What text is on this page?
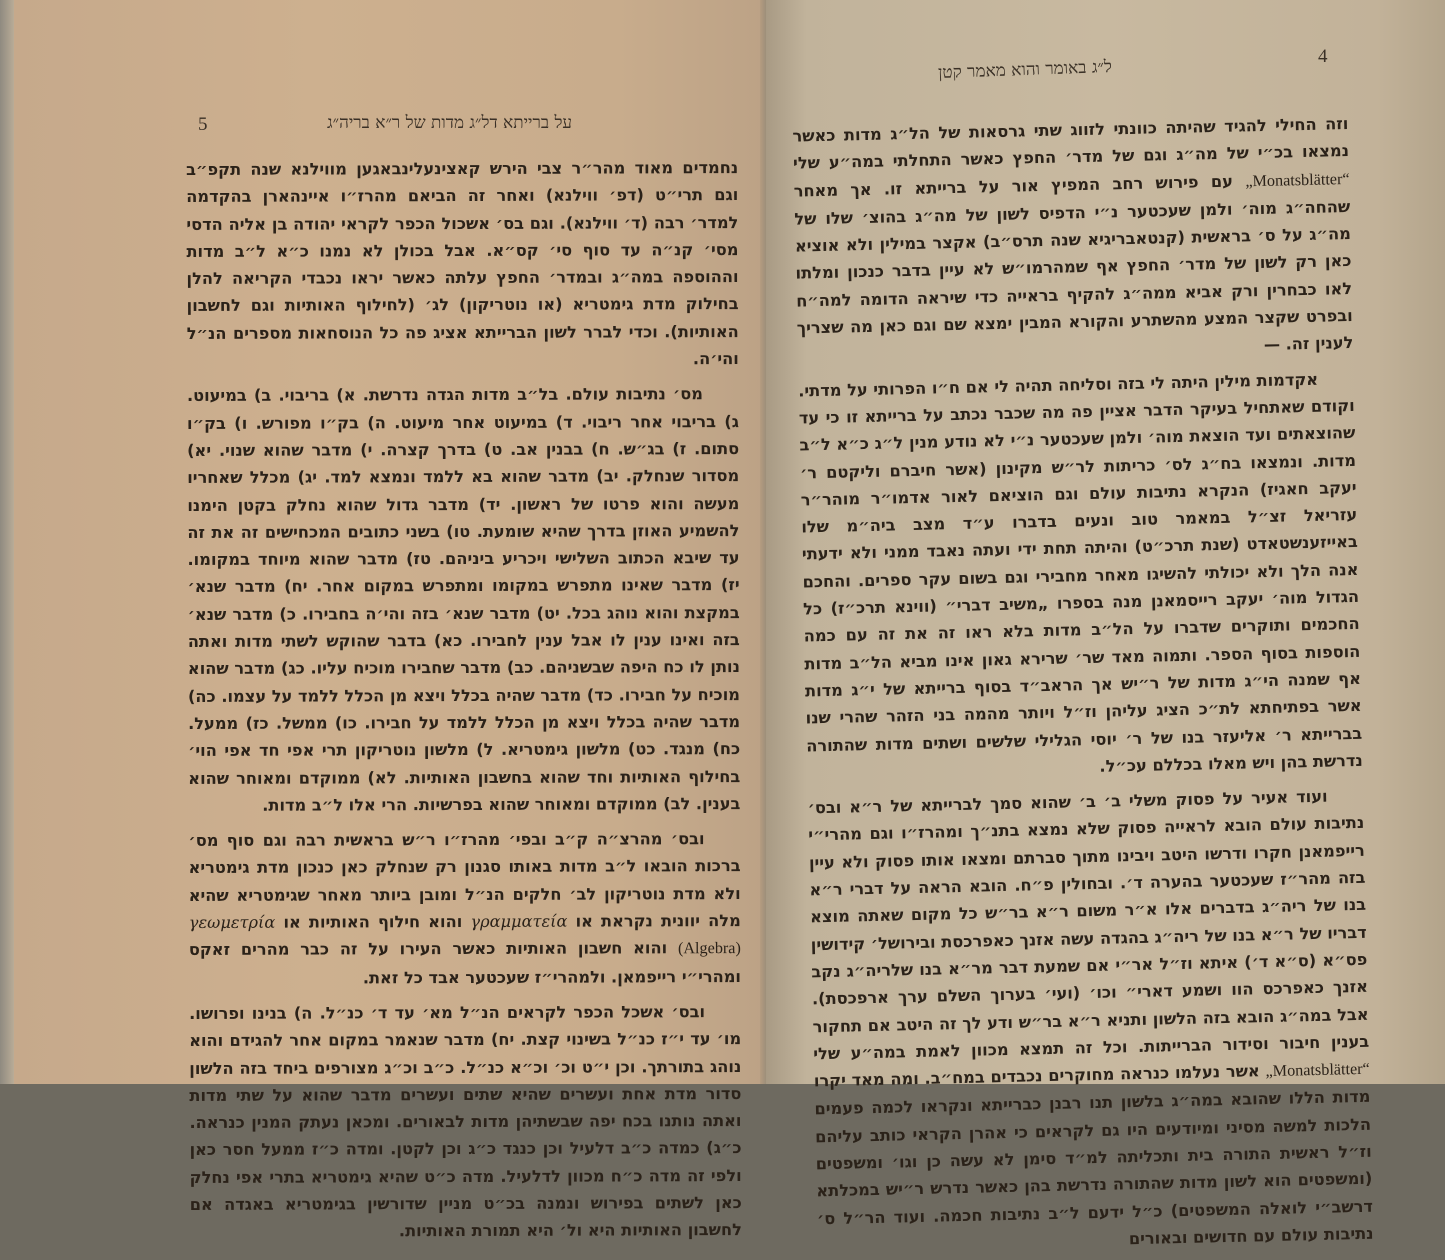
5	על ברייתא דל״ג מדות של ר״א בריה״ג

נחמדים מאוד מהר״ר צבי הירש קאצינעלינבאגען מווילנא שנה תקפ״ב וגם תרי״ט (דפ׳ ווילנא) ואחר זה הביאם מהרז״ו איינהארן בהקדמה למדר׳ רבה (ד׳ ווילנא). וגם בס׳ אשכול הכפר לקראי יהודה בן אליה הדסי מסי׳ קנ״ה עד סוף סי׳ קס״א. אבל בכולן לא נמנו כ״א ל״ב מדות וההוספה במה״ג ובמדר׳ החפץ עלתה כאשר יראו נכבדי הקריאה להלן בחילוק מדת גימטריא (או נוטריקון) לג׳ (לחילוף האותיות וגם לחשבון האותיות). וכדי לברר לשון הברייתא אציג פה כל הנוסחאות מספרים הנ״ל והי׳ה.

מס׳ נתיבות עולם. בל״ב מדות הגדה נדרשת. א) בריבוי. ב) במיעוט. ג) בריבוי אחר ריבוי. ד) במיעוט אחר מיעוט. ה) בק״ו מפורש. ו) בק״ו סתום. ז) בג״ש. ח) בבנין אב. ט) בדרך קצרה. י) מדבר שהוא שנוי. יא) מסדור שנחלק. יב) מדבר שהוא בא ללמד ונמצא למד. יג) מכלל שאחריו מעשה והוא פרטו של ראשון. יד) מדבר גדול שהוא נחלק בקטן הימנו להשמיע האוזן בדרך שהיא שומעת. טו) בשני כתובים המכחישים זה את זה עד שיבא הכתוב השלישי ויכריע ביניהם. טז) מדבר שהוא מיוחד במקומו. יז) מדבר שאינו מתפרש במקומו ומתפרש במקום אחר. יח) מדבר שנא׳ במקצת והוא נוהג בכל. יט) מדבר שנא׳ בזה והי׳ה בחבירו. כ) מדבר שנא׳ בזה ואינו ענין לו אבל ענין לחבירו. כא) בדבר שהוקש לשתי מדות ואתה נותן לו כח היפה שבשניהם. כב) מדבר שחבירו מוכיח עליו. כג) מדבר שהוא מוכיח על חבירו. כד) מדבר שהיה בכלל ויצא מן הכלל ללמד על עצמו. כה) מדבר שהיה בכלל ויצא מן הכלל ללמד על חבירו. כו) ממשל. כז) ממעל. כח) מנגד. כט) מלשון גימטריא. ל) מלשון נוטריקון תרי אפי חד אפי הוי׳ בחילוף האותיות וחד שהוא בחשבון האותיות. לא) ממוקדם ומאוחר שהוא בענין. לב) ממוקדם ומאוחר שהוא בפרשיות. הרי אלו ל״ב מדות.

ובס׳ מהרצ״ה ק״ב ובפי׳ מהרז״ו ר״ש בראשית רבה וגם סוף מס׳ ברכות הובאו ל״ב מדות באותו סגנון רק שנחלק כאן כנכון מדת גימטריא ולא מדת נוטריקון לב׳ חלקים הנ״ל ומובן ביותר מאחר שגימטריא שהיא מלה יוונית נקראת או γραμματεία והוא חילוף האותיות או γεωμετρία (Algebra) והוא חשבון האותיות כאשר העירו על זה כבר מהרים זאקס ומהרי״י רייפמאן. ולמהרי״ז שעכטער אבד כל זאת.

ובס׳ אשכל הכפר לקראים הנ״ל מא׳ עד ד׳ כנ״ל. ה) בנינו ופרושו. מו׳ עד י״ז כנ״ל בשינוי קצת. יח) מדבר שנאמר במקום אחר להגידם והוא נוהג בתורתך. וכן י״ט וכ׳ וכ״א כנ״ל. כ״ב וכ״ג מצורפים ביחד בזה הלשון סדור מדת אחת ועשרים שהיא שתים ועשרים מדבר שהוא על שתי מדות ואתה נותנו בכח יפה שבשתיהן מדות לבאורים. ומכאן נעתק המנין כנראה. כ״ג) כמדה כ״ב דלעיל וכן כנגד כ״ג וכן לקטן. ומדה כ״ז ממעל חסר כאן ולפי זה מדה כ״ח מכוון לדלעיל. מדה כ״ט שהיא גימטריא בתרי אפי נחלק כאן לשתים בפירוש ונמנה בכ״ט מניין שדורשין בגימטריא באגדה אם לחשבון האותיות היא ול׳ היא תמורת האותיות.

4
ל״ג באומר והוא מאמר קטן

וזה החילי להגיד שהיתה כוונתי לזווג שתי גרסאות של הל״ג מדות כאשר נמצאו בכ״י של מה״ג וגם של מדר׳ החפץ כאשר התחלתי במה״ע שלי „Monatsblätter“ עם פירוש רחב המפיץ אור על ברייתא זו. אך מאחר שהחה״ג מוה׳ ולמן שעכטער נ״י הדפיס לשון של מה״ג בהוצ׳ שלו של מה״ג על ס׳ בראשית (קנטאבריגיא שנה תרס״ב) אקצר במילין ולא אוציא כאן רק לשון של מדר׳ החפץ אף שמהרמו״ש לא עיין בדבר כנכון ומלתו לאו כבחרין ורק אביא ממה״ג להקיף בראייה כדי שיראה הדומה למה״ח ובפרט שקצר המצע מהשתרע והקורא המבין ימצא שם וגם כאן מה שצריך לענין זה. —

אקדמות מילין היתה לי בזה וסליחה תהיה לי אם ח״ו הפרותי על מדתי. וקודם שאתחיל בעיקר הדבר אציין פה מה שכבר נכתב על ברייתא זו כי עד שהוצאתים ועד הוצאת מוה׳ ולמן שעכטער נ״י לא נודע מנין ל״ג כ״א ל״ב מדות. ונמצאו בח״ג לס׳ כריתות לר״ש מקינון (אשר חיברם וליקטם ר׳ יעקב חאגיז) הנקרא נתיבות עולם וגם הוציאם לאור אדמו״ר מוהר״ר עזריאל זצ״ל במאמר טוב ונעים בדברו ע״ד מצב ביה״מ שלו באייזענשטאדט (שנת תרכ״ט) והיתה תחת ידי ועתה נאבד ממני ולא ידעתי אנה הלך ולא יכולתי להשיגו מאחר מחבירי וגם בשום עקר ספרים. והחכם הגדול מוה׳ יעקב רייסמאנן מנה בספרו „משיב דברי״ (ווינא תרכ״ז) כל החכמים ותוקרים שדברו על הל״ב מדות בלא ראו זה את זה עם כמה הוספות בסוף הספר. ותמוה מאד שר׳ שרירא גאון אינו מביא הל״ב מדות אף שמנה הי״ג מדות של ר״יש אך הראב״ד בסוף ברייתא של י״ג מדות אשר בפתיחתא לת״כ הציג עליהן וז״ל ויותר מהמה בני הזהר שהרי שנו בברייתא ר׳ אליעזר בנו של ר׳ יוסי הגלילי שלשים ושתים מדות שהתורה נדרשת בהן ויש מאלו בכללם עכ״ל.

ועוד אעיר על פסוק משלי ב׳ ב׳ שהוא סמך לברייתא של ר״א ובס׳ נתיבות עולם הובא לראייה פסוק שלא נמצא בתנ״ך ומהרז״ו וגם מהרי״י רייפמאנן חקרו ודרשו היטב ויבינו מתוך סברתם ומצאו אותו פסוק ולא עיין בזה מהר״ז שעכטער בהערה ד׳. ובחולין פ״ח. הובא הראה על דברי ר״א בנו של ריה״ג בדברים אלו א״ר משום ר״א בר״ש כל מקום שאתה מוצא דבריו של ר״א בנו של ריה״ג בהגדה עשה אזנך כאפרכסת ובירושל׳ קידושין פס״א (ס״א ד׳) איתא וז״ל אר״י אם שמעת דבר מר״א בנו שלריה״ג נקב אזנך כאפרכס הוו ושמע דארי״ וכו׳ (ועי׳ בערוך השלם ערך ארפכסת). אבל במה״ג הובא בזה הלשון ותניא ר״א בר״ש ודע לך זה היטב אם תחקור בענין חיבור וסידור הברייתות. וכל זה תמצא מכוון לאמת במה״ע שלי „Monatsblätter“ אשר נעלמו כנראה מחוקרים נכבדים במח״ב. ומה מאד יקרו מדות הללו שהובא במה״ג בלשון תנו רבנן כברייתא ונקראו לכמה פעמים הלכות למשה מסיני ומיודעים היו גם לקראים כי אהרן הקראי כותב עליהם וז״ל ראשית התורה בית ותכליתה למ״ד סימן לא עשה כן וגו׳ ומשפטים (ומשפטים הוא לשון מדות שהתורה נדרשת בהן כאשר נדרש ר״יש במכלתא דרשב״י לואלה המשפטים) כ״ל ידעם ל״ב נתיבות חכמה. ועוד הר״ל ס׳ נתיבות עולם עם חדושים ובאורים
